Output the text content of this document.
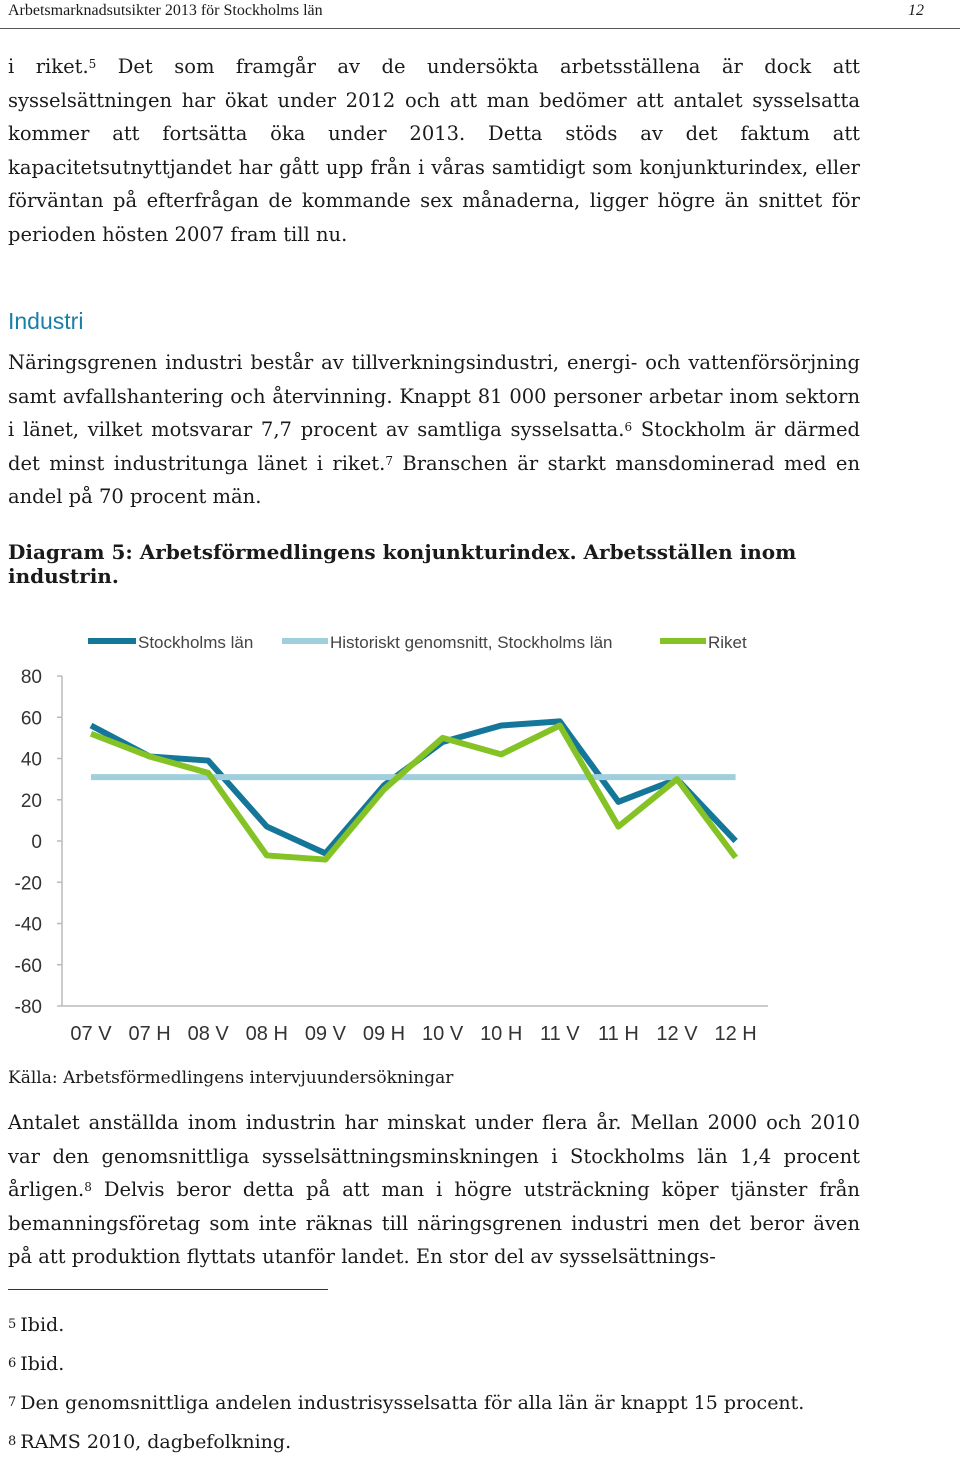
Arbetsmarknadsutsikter 2013 för Stockholms län	12
i riket.$^5$ Det som framgår av de undersökta arbetsställena är dock att sysselsättningen har ökat under 2012 och att man bedömer att antalet sysselsatta kommer att fortsätta öka under 2013. Detta stöds av det faktum att kapacitetsutnyttjandet har gått upp från i våras samtidigt som konjunkturindex, eller förväntan på efterfrågan de kommande sex månaderna, ligger högre än snittet för perioden hösten 2007 fram till nu.
Industri
Näringsgrenen industri består av tillverkningsindustri, energi- och vattenförsörjning samt avfallshantering och återvinning. Knappt 81 000 personer arbetar inom sektorn i länet, vilket motsvarar 7,7 procent av samtliga sysselsatta.$^6$ Stockholm är därmed det minst industritunga länet i riket.$^7$ Branschen är starkt mansdominerad med en andel på 70 procent män.
Diagram 5: Arbetsförmedlingens konjunkturindex. Arbetsställen inom industrin.
80
60
40
20
0
-20
-40
-60
-80
07 V 07 H 08 V 08 H 09 V 09 H 10 V 10 H 11 V 11 H 12 V 12 H
Stockholms län	Historiskt genomsnitt, Stockholms län	Riket
Källa: Arbetsförmedlingens intervjuundersökningar
Antalet anställda inom industrin har minskat under flera år. Mellan 2000 och 2010 var den genomsnittliga sysselsättningsminskningen i Stockholms län 1,4 procent årligen.$^8$ Delvis beror detta på att man i högre utsträckning köper tjänster från bemanningsföretag som inte räknas till näringsgrenen industri men det beror även på att produktion flyttats utanför landet. En stor del av sysselsättnings-
5 Ibid.
6 Ibid.
7 Den genomsnittliga andelen industrisysselsatta för alla län är knappt 15 procent.
8 RAMS 2010, dagbefolkning.
